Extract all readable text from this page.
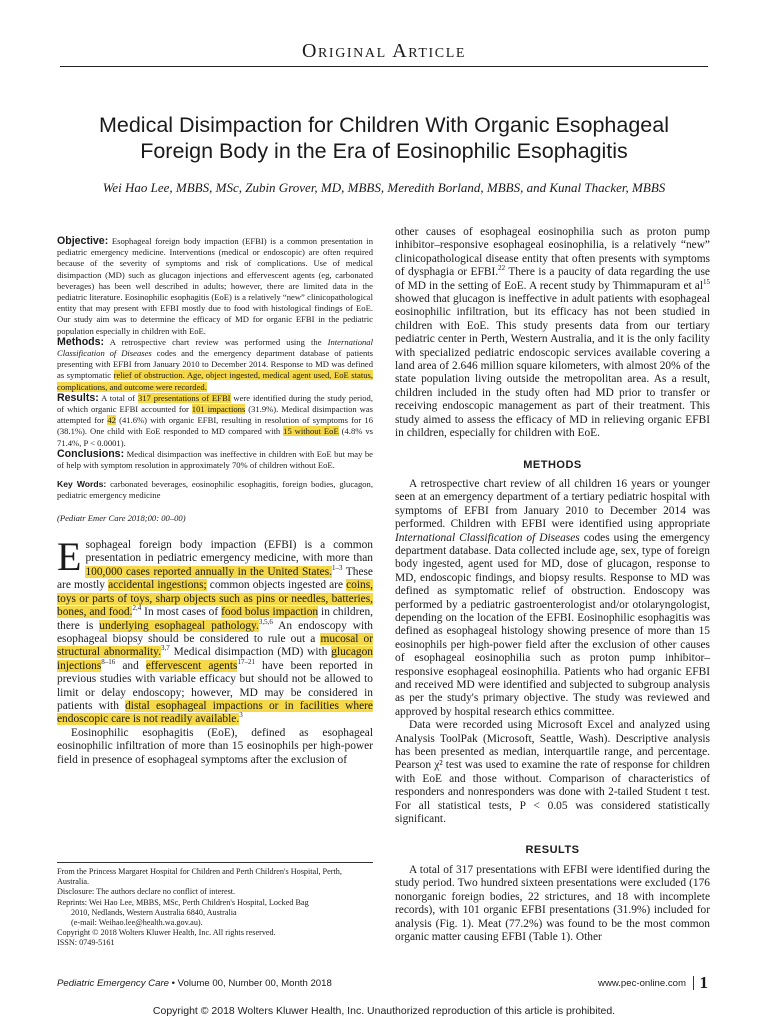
Original Article
Medical Disimpaction for Children With Organic Esophageal
Foreign Body in the Era of Eosinophilic Esophagitis
Wei Hao Lee, MBBS, MSc, Zubin Grover, MD, MBBS, Meredith Borland, MBBS, and Kunal Thacker, MBBS

Objective: Esophageal foreign body impaction (EFBI) is a common presentation in pediatric emergency medicine. Interventions (medical or endoscopic) are often required because of the severity of symptoms and risk of complications. Use of medical disimpaction (MD) such as glucagon injections and effervescent agents (eg, carbonated beverages) has been well described in adults; however, there are limited data in the pediatric literature. Eosinophilic esophagitis (EoE) is a relatively “new” clinicopathological entity that may present with EFBI mostly due to food with histological findings of EoE. Our study aim was to determine the efficacy of MD for organic EFBI in the pediatric population especially in children with EoE.

Methods: A retrospective chart review was performed using the International Classification of Diseases codes and the emergency department database of patients presenting with EFBI from January 2010 to December 2014. Response to MD was defined as symptomatic relief of obstruction. Age, object ingested, medical agent used, EoE status, complications, and outcome were recorded.

Results: A total of 317 presentations of EFBI were identified during the study period, of which organic EFBI accounted for 101 impactions (31.9%). Medical disimpaction was attempted for 42 (41.6%) with organic EFBI, resulting in resolution of symptoms for 16 (38.1%). One child with EoE responded to MD compared with 15 without EoE (4.8% vs 71.4%, P < 0.0001).

Conclusions: Medical disimpaction was ineffective in children with EoE but may be of help with symptom resolution in approximately 70% of children without EoE.

Key Words: carbonated beverages, eosinophilic esophagitis, foreign bodies, glucagon, pediatric emergency medicine
(Pediatr Emer Care 2018;00: 00–00)

Esophageal foreign body impaction (EFBI) is a common presentation in pediatric emergency medicine, with more than 100,000 cases reported annually in the United States.$^{1-3}$ These are mostly accidental ingestions; common objects ingested are coins, toys or parts of toys, sharp objects such as pins or needles, batteries, bones, and food.$^{2,4}$ In most cases of food bolus impaction in children, there is underlying esophageal pathology.$^{3,5,6}$ An endoscopy with esophageal biopsy should be considered to rule out a mucosal or structural abnormality.$^{3,7}$ Medical disimpaction (MD) with glucagon injections$^{8-16}$ and effervescent agents$^{17-21}$ have been reported in previous studies with variable efficacy but should not be allowed to limit or delay endoscopy; however, MD may be considered in patients with distal esophageal impactions or in facilities where endoscopic care is not readily available.$^3$

Eosinophilic esophagitis (EoE), defined as esophageal eosinophilic infiltration of more than 15 eosinophils per high-power field in presence of esophageal symptoms after the exclusion of

other causes of esophageal eosinophilia such as proton pump inhibitor–responsive esophageal eosinophilia, is a relatively “new” clinicopathological disease entity that often presents with symptoms of dysphagia or EFBI.$^{22}$ There is a paucity of data regarding the use of MD in the setting of EoE. A recent study by Thimmapuram et $al^{15}$ showed that glucagon is ineffective in adult patients with esophageal eosinophilic infiltration, but its efficacy has not been studied in children with EoE. This study presents data from our tertiary pediatric center in Perth, Western Australia, and it is the only facility with specialized pediatric endoscopic services available covering a land area of 2.646 million square kilometers, with almost 20% of the state population living outside the metropolitan area. As a result, children included in the study often had MD prior to transfer or receiving endoscopic management as part of their treatment. This study aimed to assess the efficacy of MD in relieving organic EFBI in children, especially for children with EoE.

METHODS

A retrospective chart review of all children 16 years or younger seen at an emergency department of a tertiary pediatric hospital with symptoms of EFBI from January 2010 to December 2014 was performed. Children with EFBI were identified using appropriate International Classification of Diseases codes using the emergency department database. Data collected include age, sex, type of foreign body ingested, agent used for MD, dose of glucagon, response to MD, endoscopic findings, and biopsy results. Response to MD was defined as symptomatic relief of obstruction. Endoscopy was performed by a pediatric gastroenterologist and/or otolaryngologist, depending on the location of the EFBI. Eosinophilic esophagitis was defined as esophageal histology showing presence of more than 15 eosinophils per high-power field after the exclusion of other causes of esophageal eosinophilia such as proton pump inhibitor–responsive esophageal eosinophilia. Patients who had organic EFBI and received MD were identified and subjected to subgroup analysis as per the study's primary objective. The study was reviewed and approved by hospital research ethics committee.

Data were recorded using Microsoft Excel and analyzed using Analysis ToolPak (Microsoft, Seattle, Wash). Descriptive analysis has been presented as median, interquartile range, and percentage. Pearson χ² test was used to examine the rate of response for children with EoE and those without. Comparison of characteristics of responders and nonresponders was done with 2-tailed Student t test. For all statistical tests, P < 0.05 was considered statistically significant.

RESULTS

A total of 317 presentations with EFBI were identified during the study period. Two hundred sixteen presentations were excluded (176 nonorganic foreign bodies, 22 strictures, and 18 with incomplete records), with 101 organic EFBI presentations (31.9%) included for analysis (Fig. 1). Meat (77.2%) was found to be the most common organic matter causing EFBI (Table 1). Other

From the Princess Margaret Hospital for Children and Perth Children's Hospital, Perth, Australia.

Disclosure: The authors declare no conflict of interest.

Reprints: Wei Hao Lee, MBBS, MSc, Perth Children's Hospital, Locked Bag

2010, Nedlands, Western Australia 6840, Australia

(e-mail: Weihao.lee@health.wa.gov.au).

Copyright © 2018 Wolters Kluwer Health, Inc. All rights reserved.

ISSN: 0749-5161

Pediatric Emergency Care • Volume 00, Number 00, Month 2018	www.pec-online.com 1
Copyright © 2018 Wolters Kluwer Health, Inc. Unauthorized reproduction of this article is prohibited.
